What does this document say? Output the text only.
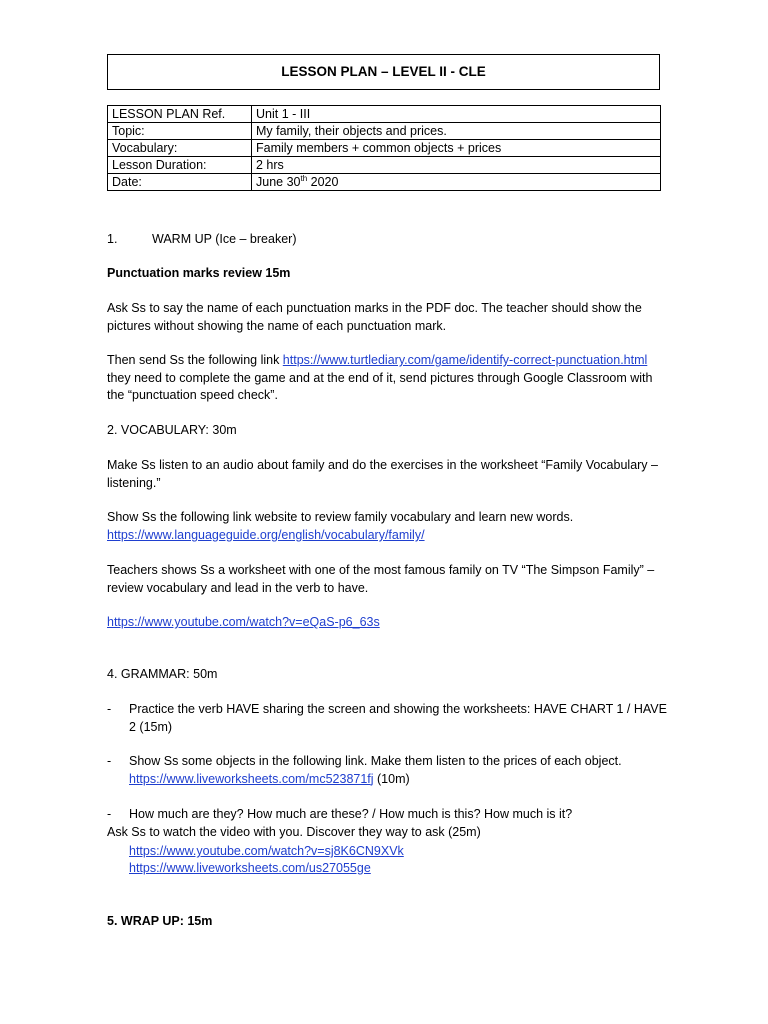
LESSON PLAN – LEVEL II - CLE
LESSON PLAN Ref.	Unit 1 - III
Topic:	My family, their objects and prices.
Vocabulary:	Family members + common objects + prices
Lesson Duration:	2 hrs
Date:	June 30th 2020
1.	WARM UP (Ice – breaker)
Punctuation marks review 15m
Ask Ss to say the name of each punctuation marks in the PDF doc. The teacher should show the pictures without showing the name of each punctuation mark.
Then send Ss the following link https://www.turtlediary.com/game/identify-correct-punctuation.html they need to complete the game and at the end of it, send pictures through Google Classroom with the “punctuation speed check”.
2. VOCABULARY: 30m
Make Ss listen to an audio about family and do the exercises in the worksheet “Family Vocabulary – listening.”
Show Ss the following link website to review family vocabulary and learn new words.
https://www.languageguide.org/english/vocabulary/family/
Teachers shows Ss a worksheet with one of the most famous family on TV “The Simpson Family” – review vocabulary and lead in the verb to have.
https://www.youtube.com/watch?v=eQaS-p6_63s
4. GRAMMAR: 50m
- Practice the verb HAVE sharing the screen and showing the worksheets: HAVE CHART 1 / HAVE 2 (15m)
- Show Ss some objects in the following link. Make them listen to the prices of each object.
https://www.liveworksheets.com/mc523871fj (10m)
- How much are they? How much are these? / How much is this? How much is it?
Ask Ss to watch the video with you. Discover they way to ask (25m)
https://www.youtube.com/watch?v=sj8K6CN9XVk
https://www.liveworksheets.com/us27055ge
5. WRAP UP: 15m
